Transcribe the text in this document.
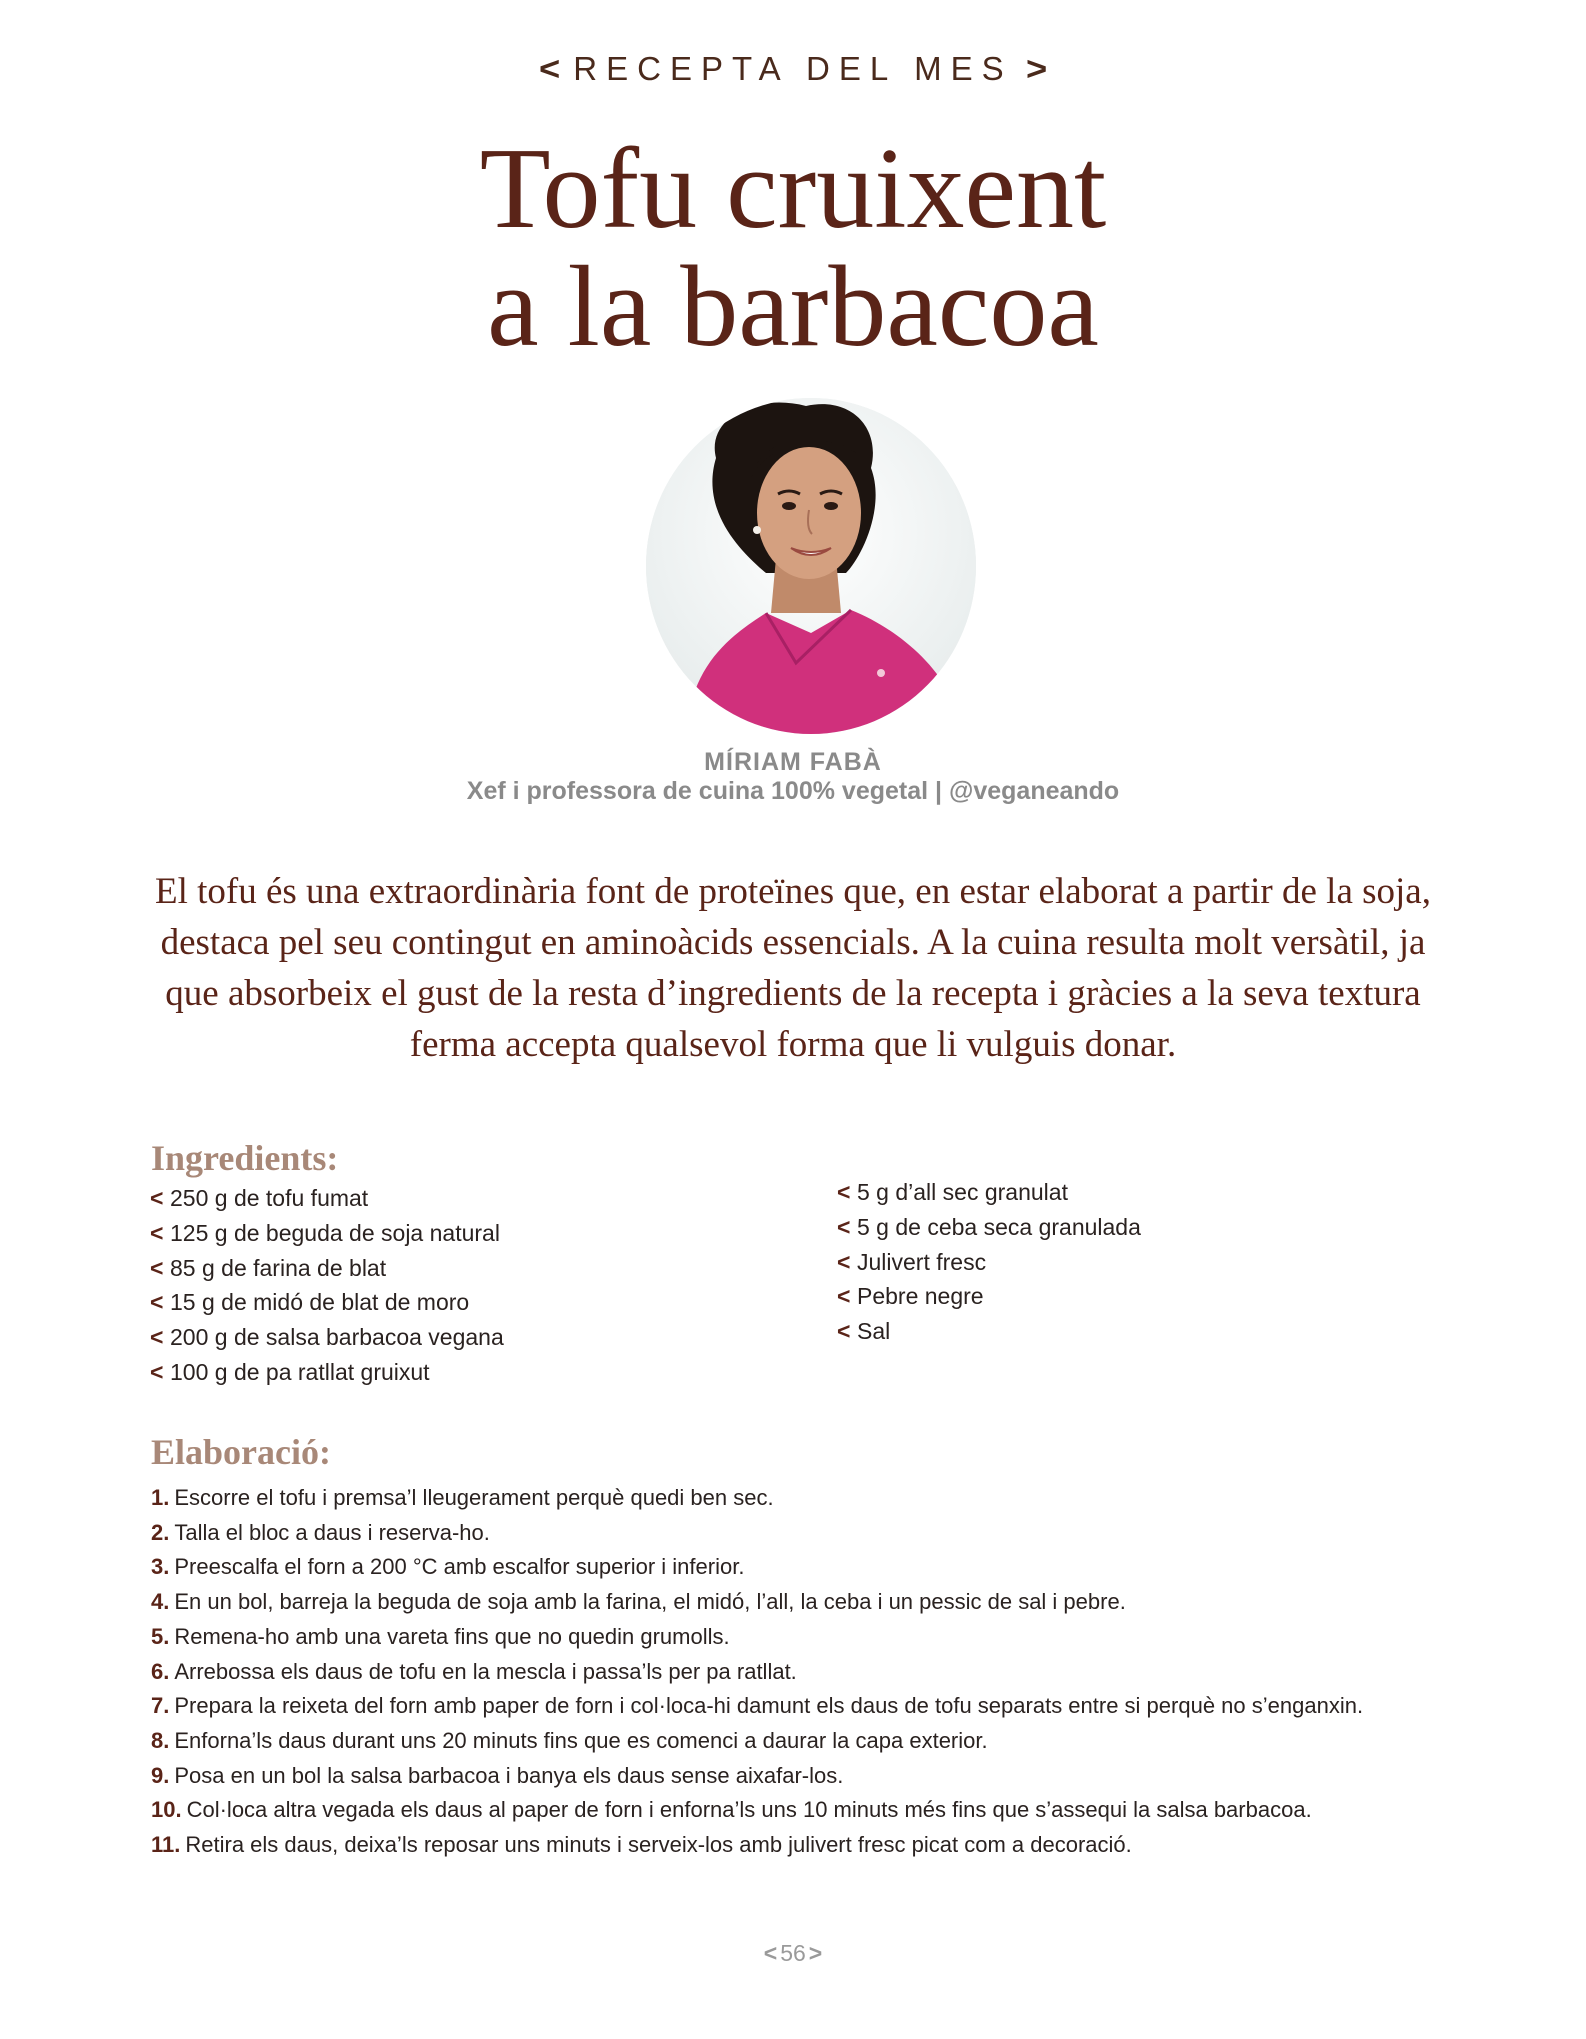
< RECEPTA DEL MES >
Tofu cruixent
a la barbacoa
MÍRIAM FABÀ
Xef i professora de cuina 100% vegetal | @veganeando

El tofu és una extraordinària font de proteïnes que, en estar elaborat a partir de la soja, destaca pel seu contingut en aminoàcids essencials. A la cuina resulta molt versàtil, ja que absorbeix el gust de la resta d’ingredients de la recepta i gràcies a la seva textura ferma accepta qualsevol forma que li vulguis donar.

Ingredients:
< 250 g de tofu fumat
< 125 g de beguda de soja natural
< 85 g de farina de blat
< 15 g de midó de blat de moro
< 200 g de salsa barbacoa vegana
< 100 g de pa ratllat gruixut
< 5 g d’all sec granulat
< 5 g de ceba seca granulada
< Julivert fresc
< Pebre negre
< Sal
Elaboració:
1. Escorre el tofu i premsa’l lleugerament perquè quedi ben sec.
2. Talla el bloc a daus i reserva-ho.
3. Preescalfa el forn a 200 °C amb escalfor superior i inferior.
4. En un bol, barreja la beguda de soja amb la farina, el midó, l’all, la ceba i un pessic de sal i pebre.
5. Remena-ho amb una vareta fins que no quedin grumolls.
6. Arrebossa els daus de tofu en la mescla i passa’ls per pa ratllat.
7. Prepara la reixeta del forn amb paper de forn i col·loca-hi damunt els daus de tofu separats entre si perquè no s’enganxin.
8. Enforna’ls daus durant uns 20 minuts fins que es comenci a daurar la capa exterior.
9. Posa en un bol la salsa barbacoa i banya els daus sense aixafar-los.
10. Col·loca altra vegada els daus al paper de forn i enforna’ls uns 10 minuts més fins que s’assequi la salsa barbacoa.
11. Retira els daus, deixa’ls reposar uns minuts i serveix-los amb julivert fresc picat com a decoració.
< 56 >
